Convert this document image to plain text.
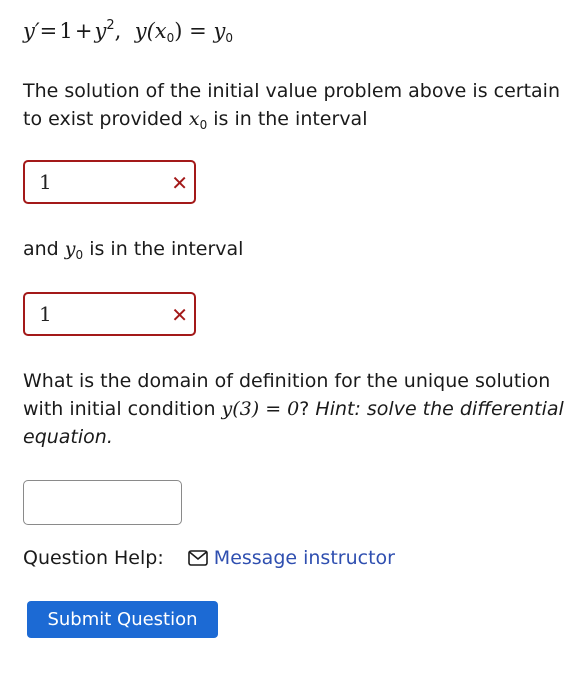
y′= 1 + $y^2$, $y(x_0) = y_0$
The solution of the initial value problem above is certain to exist provided $x_0$ is in the interval
1	✕
and $y_0$ is in the interval
1	✕
What is the domain of definition for the unique solution with initial condition y(3) = 0? Hint: solve the differential equation.
Question Help:	Message instructor
Submit Question
